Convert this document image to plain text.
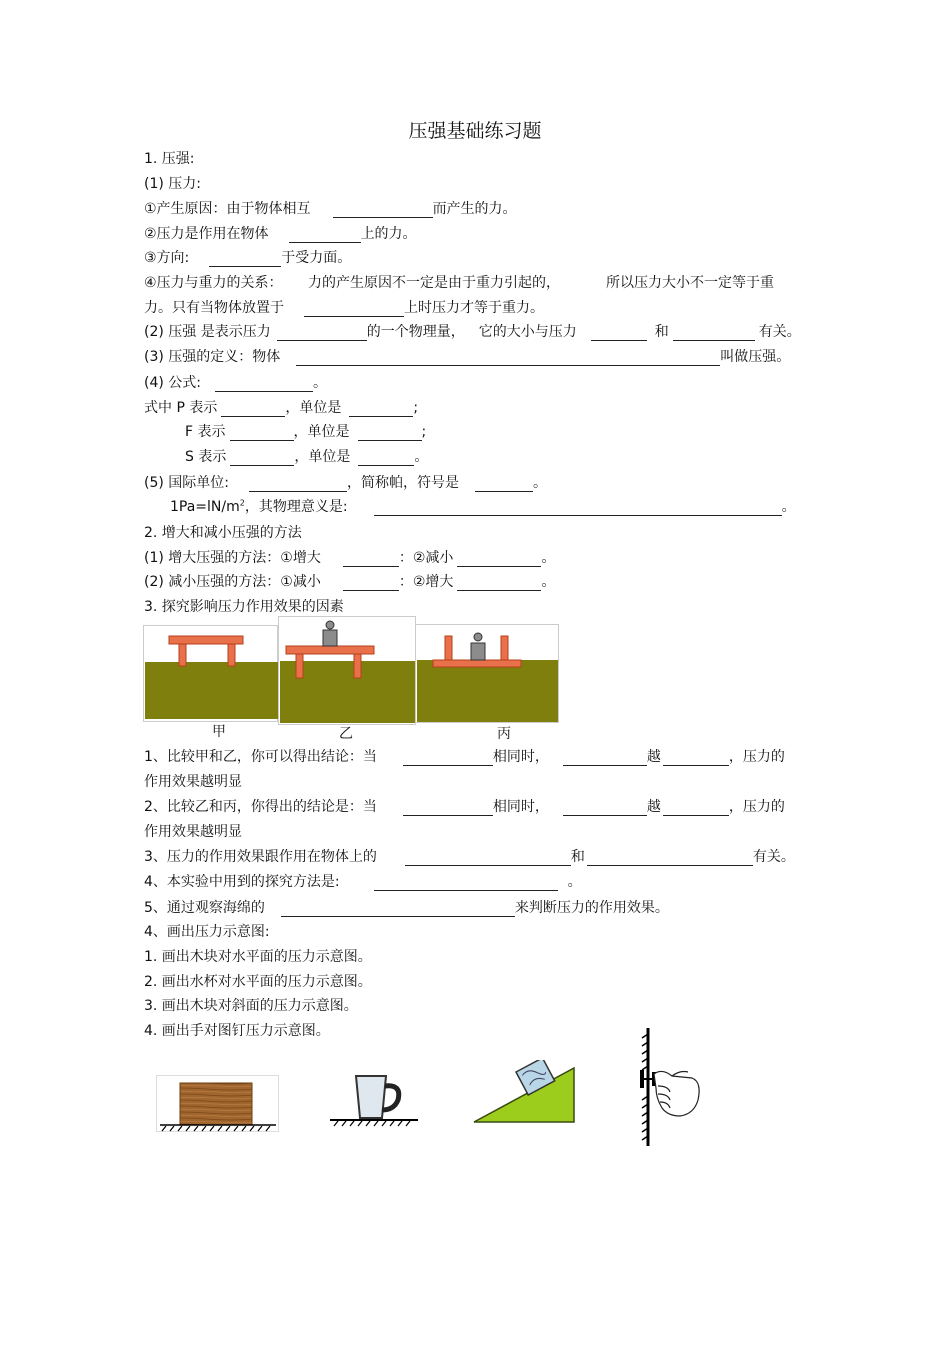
压强基础练习题
1. 压强:
(1) 压力:
①产生原因：由于物体相互	而产生的力。
②压力是作用在物体	上的力。
③方向:	于受力面。
④压力与重力的关系： 力的产生原因不一定是由于重力引起的，	所以压力大小不一定等于重
力。只有当物体放置于	上时压力才等于重力。
(2) 压强 是表示压力	的一个物理量， 它的大小与压力	和	有关。
(3) 压强的定义：物体	叫做压强。
(4) 公式:	。
式中 P 表示	，单位是	;
F 表示	，单位是	;
S 表示	，单位是	。
(5) 国际单位:	，简称帕，符号是	。
$1Pa=lN/m^2$，其物理意义是:	。
2. 增大和减小压强的方法
(1) 增大压强的方法：①增大	：②减小	。
(2) 减小压强的方法：①减小	：②增大	。
3. 探究影响压力作用效果的因素
甲	乙	丙
1、比较甲和乙，你可以得出结论：当	相同时，	越	，压力的
作用效果越明显
2、比较乙和丙，你得出的结论是：当	相同时，	越	，压力的
作用效果越明显
3、压力的作用效果跟作用在物体上的	和	有关。
4、本实验中用到的探究方法是:	。
5、通过观察海绵的	来判断压力的作用效果。
4、画出压力示意图:
1. 画出木块对水平面的压力示意图。
2. 画出水杯对水平面的压力示意图。
3. 画出木块对斜面的压力示意图。
4. 画出手对图钉压力示意图。
